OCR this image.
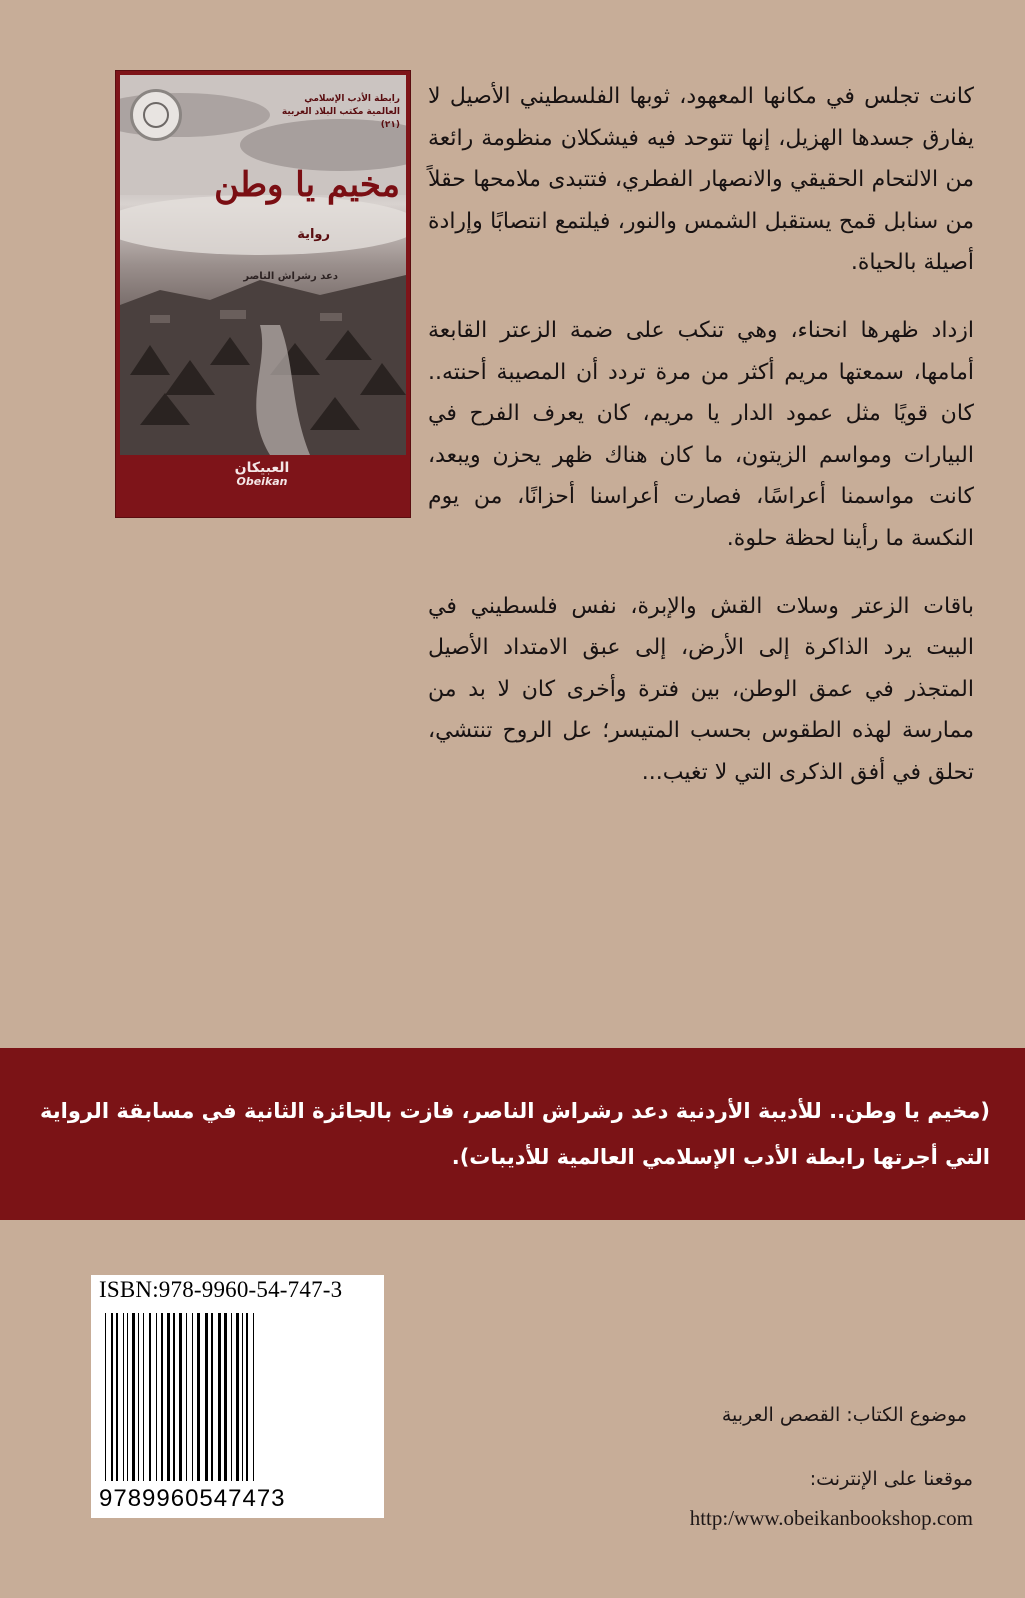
رابطة الأدب الإسلامي العالمية مكتب البلاد العربية (٢١)
مخيم يا وطن
رواية
دعد رشراش الناصر
العبيكان
Obeikan

كانت تجلس في مكانها المعهود، ثوبها الفلسطيني الأصيل لا يفارق جسدها الهزيل، إنها تتوحد فيه فيشكلان منظومة رائعة من الالتحام الحقيقي والانصهار الفطري، فتتبدى ملامحها حقلاً من سنابل قمح يستقبل الشمس والنور، فيلتمع انتصابًا وإرادة أصيلة بالحياة.

ازداد ظهرها انحناء، وهي تنكب على ضمة الزعتر القابعة أمامها، سمعتها مريم أكثر من مرة تردد أن المصيبة أحنته.. كان قويًا مثل عمود الدار يا مريم، كان يعرف الفرح في البيارات ومواسم الزيتون، ما كان هناك ظهر يحزن ويبعد، كانت مواسمنا أعراسًا، فصارت أعراسنا أحزانًا، من يوم النكسة ما رأينا لحظة حلوة.

باقات الزعتر وسلات القش والإبرة، نفس فلسطيني في البيت يرد الذاكرة إلى الأرض، إلى عبق الامتداد الأصيل المتجذر في عمق الوطن، بين فترة وأخرى كان لا بد من ممارسة لهذه الطقوس بحسب المتيسر؛ عل الروح تنتشي، تحلق في أفق الذكرى التي لا تغيب...

(مخيم يا وطن.. للأديبة الأردنية دعد رشراش الناصر، فازت بالجائزة الثانية في مسابقة الرواية التي أجرتها رابطة الأدب الإسلامي العالمية للأديبات).
ISBN:978-9960-54-747-3
9789960547473
موضوع الكتاب: القصص العربية
موقعنا على الإنترنت:
http:/www.obeikanbookshop.com
